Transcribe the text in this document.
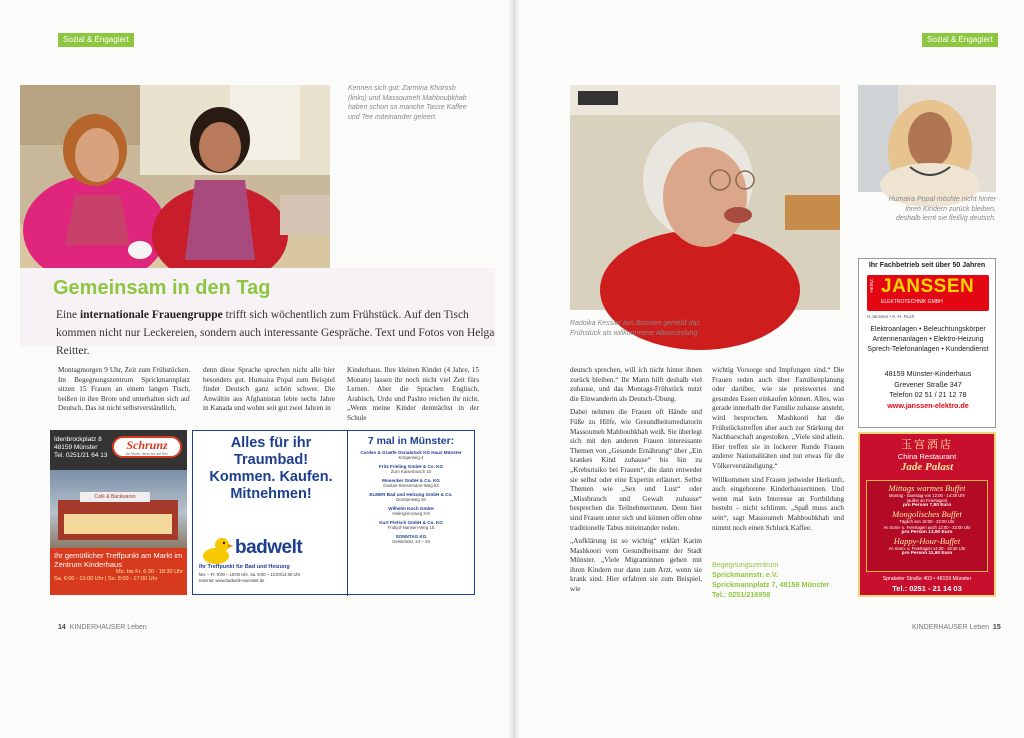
Sozial & Engagiert
Kennen sich gut: Zarmina Khorosh (links) und Massoumeh Mahboubkhah haben schon so manche Tasse Kaffee und Tee miteinander geleert.
Gemeinsam in den Tag
Eine internationale Frauengruppe trifft sich wöchentlich zum Frühstück. Auf den Tisch kommen nicht nur Leckereien, sondern auch interessante Gespräche. Text und Fotos von Helga Reitter.
Montagmorgen 9 Uhr, Zeit zum Frühstücken. Im Begegnungszentrum Sprickmannplatz sitzen 15 Frauen an einem langen Tisch, beißen in ihre Brote und unterhalten sich auf Deutsch. Das ist nicht selbstverständlich,
denn diese Sprache sprechen nicht alle hier besonders gut. Humaira Popal zum Beispiel findet Deutsch ganz schön schwer. Die Anwältin aus Afghanistan lebte sechs Jahre in Kanada und wohnt seit gut zwei Jahren in
Kinderhaus. Ihre kleinen Kinder (4 Jahre, 15 Monate) lassen ihr noch nicht viel Zeit fürs Lernen. Aber die Sprachen Englisch, Arabisch, Urdu und Pashto reichen ihr nicht. „Wenn meine Kinder demnächst in der Schule
Idenbrockplatz 8
48159 Münster
Tel. 0251/21 64 13
Schrunz
für Mode, denn wir auf Sie!
Café & Backwaren
Ihr gemütlicher Treffpunkt am Markt im Zentrum Kinderhaus
Mo. bis Fr. 6:30 - 18:30 Uhr
Sa. 6:00 - 13:00 Uhr | So. 8:00 - 17:00 Uhr
Alles für ihr
Traumbad!
Kommen. Kaufen.
Mitnehmen!
badwelt
Ihr Treffpunkt für Bad und Heizung
Mo. – Fr. 9:00 – 18:00 Uhr, Sa. 9:00 – 13:00/14:00 Uhr
Internet: www.badwelt-muenster.de
7 mal in Münster:
Cordes & Graefe Osnabrück KG Haus Münster
Krögerweg 4
Fritz Frieling GmbH & Co. KG
Zum Kaiserbusch 10
Mosecker GmbH & Co. KG
Gustav-Stresemann-Weg 52
ELMER Bad und Heizung GmbH & Co.
Dorstenweg 16
Wilhelm Koch GmbH
Hafergrenzweg 3-9
Kurt Pietsch GmbH & Co. KG
Fridtjof-Nansen-Weg 15
SONNTAG KG
Gelsteinstr. 24 – 26
14 KINDERHAUSER Leben
Sozial & Engagiert
Radoika Kessler aus Bosnien genießt das Frühstück als willkommene Abwechslung.
Humaira Popal möchte nicht hinter ihren Kindern zurück bleiben, deshalb lernt sie fleißig deutsch.

deutsch sprechen, will ich nicht hinter ihnen zurück bleiben.“ Ihr Mann hilft deshalb viel zuhause, und das Montags-Frühstück nutzt die Einwanderin als Deutsch-Übung.

Dabei nehmen die Frauen oft Hände und Füße zu Hilfe, wie Gesundheitsmediatorin Massoumeh Mahboubkhah weiß. Sie überlegt sich mit den anderen Frauen interessante Themen von „Gesunde Ernährung“ über „Ein krankes Kind zuhause“ bis hin zu „Krebsrisiko bei Frauen“, die dann entweder sie selbst oder eine Expertin erläutert. Selbst Themen wie „Sex und Lust“ oder „Missbrauch und Gewalt zuhause“ besprechen die Teilnehmerinnen. Denn hier sind Frauen unter sich und können offen ohne traditionelle Tabus miteinander reden.

„Aufklärung ist so wichtig“ erklärt Karim Mashkoori vom Gesundheitsamt der Stadt Münster. „Viele Migrantinnen gehen mit ihren Kindern nur dann zum Arzt, wenn sie krank sind. Hier erfahren sie zum Beispiel, wie

wichtig Vorsorge und Impfungen sind.“ Die Frauen reden auch über Familienplanung oder darüber, wie sie preiswertes und gesundes Essen einkaufen können. Alles, was gerade innerhalb der Familie zuhause ansteht, wird besprochen. Mashkoori hat die Frühstückstreffen aber auch zur Stärkung der Nachbarschaft angestoßen. „Viele sind allein. Hier treffen sie in lockerer Runde Frauen anderer Nationalitäten und tun etwas für die Völkerverständigung.“

Willkommen sind Frauen jedweder Herkunft, auch eingeborene Kinderhauserinnen. Und wenn mal kein Interesse an Fortbildung besteht – nicht schlimm. „Spaß muss auch sein“, sagt Massoumeh Mahboubkhah und nimmt noch einen Schluck Kaffee.

Begegnungszentrum
Sprickmannstr. e.V.
Sprickmannplatz 7, 48159 Münster
Tel.: 0251/216958
Ihr Fachbetrieb seit über 50 Jahren
HEINZ JANSSEN
ELEKTROTECHNIK GMBH
H.Janssen • K.-H. Ruch
Elektroanlagen • Beleuchtungskörper
Antennenanlagen • Elektro-Heizung
Sprech-Telefonanlagen • Kundendienst
48159 Münster-Kinderhaus
Grevener Straße 347
Telefon 02 51 / 21 12 78
www.janssen-elektro.de
玉宫酒店
China Restaurant
Jade Palast
Mittags warmes Buffet
Montag - Samstag von 12:00 - 14:30 Uhr
(außer an Feiertagen)
pro Person 7,80 Euro
Mongolisches Buffet
Täglich von 18:00 - 22:00 Uhr
An Sonn- u. Feiertagen auch 12:00 - 22:00 Uhr
pro Person 13,90 Euro
Happy-Hour-Buffet
An Sonn- u. Feiertagen 14:30 - 16:30 Uhr
pro Person 11,90 Euro
Sprakeler Straße 403 • 48159 Münster
Tel.: 0251 - 21 14 03
KINDERHAUSER Leben 15
